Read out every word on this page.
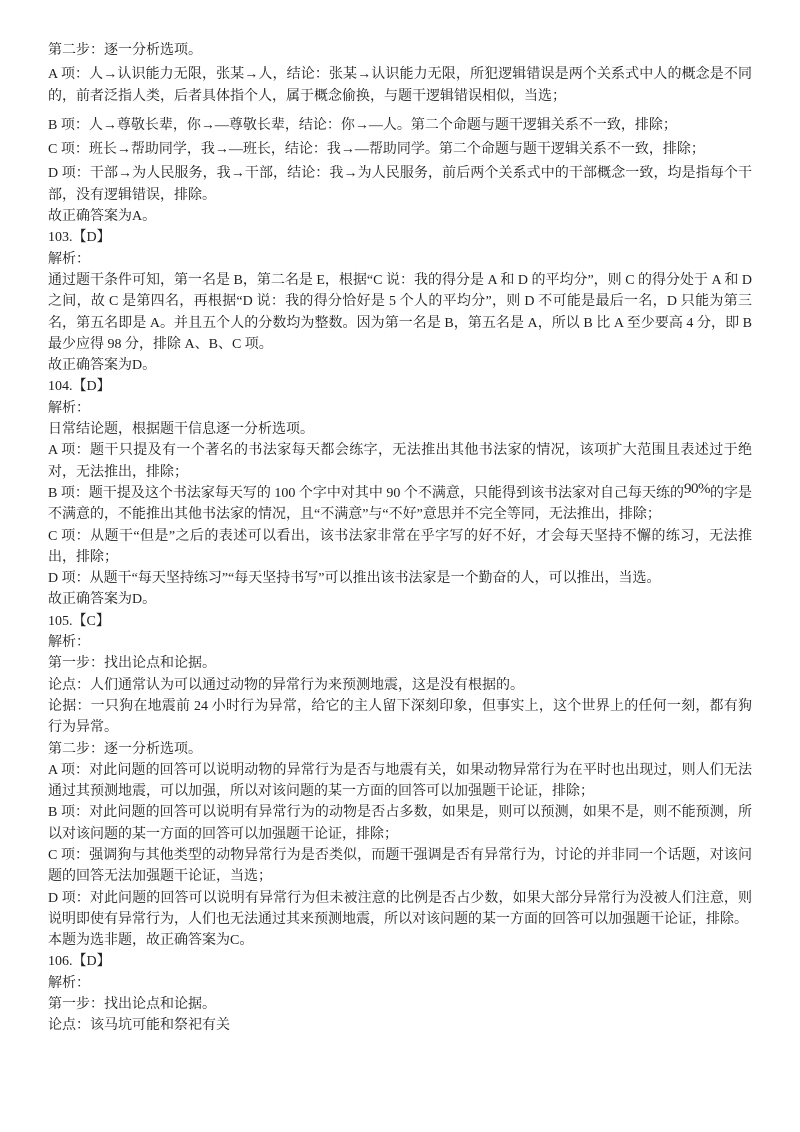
第二步：逐一分析选项。

A 项：人→认识能力无限，张某→人，结论：张某→认识能力无限，所犯逻辑错误是两个关系式中人的概念是不同的，前者泛指人类，后者具体指个人，属于概念偷换，与题干逻辑错误相似，当选；

B 项：人→尊敬长辈，你→—尊敬长辈，结论：你→—人。第二个命题与题干逻辑关系不一致，排除；

C 项：班长→帮助同学，我→—班长，结论：我→—帮助同学。第二个命题与题干逻辑关系不一致，排除；

D 项：干部→为人民服务，我→干部，结论：我→为人民服务，前后两个关系式中的干部概念一致，均是指每个干部，没有逻辑错误，排除。

故正确答案为A。

103.【D】

解析：

通过题干条件可知，第一名是 B，第二名是 E，根据“C 说：我的得分是 A 和 D 的平均分”，则 C 的得分处于 A 和 D 之间，故 C 是第四名，再根据“D 说：我的得分恰好是 5 个人的平均分”，则 D 不可能是最后一名，D 只能为第三名，第五名即是 A。并且五个人的分数均为整数。因为第一名是 B，第五名是 A，所以 B 比 A 至少要高 4 分，即 B 最少应得 98 分，排除 A、B、C 项。

故正确答案为D。

104.【D】

解析：

日常结论题，根据题干信息逐一分析选项。

A 项：题干只提及有一个著名的书法家每天都会练字，无法推出其他书法家的情况，该项扩大范围且表述过于绝对，无法推出，排除；

B 项：题干提及这个书法家每天写的 100 个字中对其中 90 个不满意，只能得到该书法家对自己每天练的90%的字是不满意的，不能推出其他书法家的情况，且“不满意”与“不好”意思并不完全等同，无法推出，排除；

C 项：从题干“但是”之后的表述可以看出，该书法家非常在乎字写的好不好，才会每天坚持不懈的练习，无法推出，排除；

D 项：从题干“每天坚持练习”“每天坚持书写”可以推出该书法家是一个勤奋的人，可以推出，当选。

故正确答案为D。

105.【C】

解析：

第一步：找出论点和论据。

论点：人们通常认为可以通过动物的异常行为来预测地震，这是没有根据的。

论据：一只狗在地震前 24 小时行为异常，给它的主人留下深刻印象，但事实上，这个世界上的任何一刻，都有狗行为异常。

第二步：逐一分析选项。

A 项：对此问题的回答可以说明动物的异常行为是否与地震有关，如果动物异常行为在平时也出现过，则人们无法通过其预测地震，可以加强，所以对该问题的某一方面的回答可以加强题干论证，排除；

B 项：对此问题的回答可以说明有异常行为的动物是否占多数，如果是，则可以预测，如果不是，则不能预测，所以对该问题的某一方面的回答可以加强题干论证，排除；

C 项：强调狗与其他类型的动物异常行为是否类似，而题干强调是否有异常行为，讨论的并非同一个话题，对该问题的回答无法加强题干论证，当选；

D 项：对此问题的回答可以说明有异常行为但未被注意的比例是否占少数，如果大部分异常行为没被人们注意，则说明即使有异常行为，人们也无法通过其来预测地震，所以对该问题的某一方面的回答可以加强题干论证，排除。

本题为选非题，故正确答案为C。

106.【D】

解析：

第一步：找出论点和论据。

论点：该马坑可能和祭祀有关
